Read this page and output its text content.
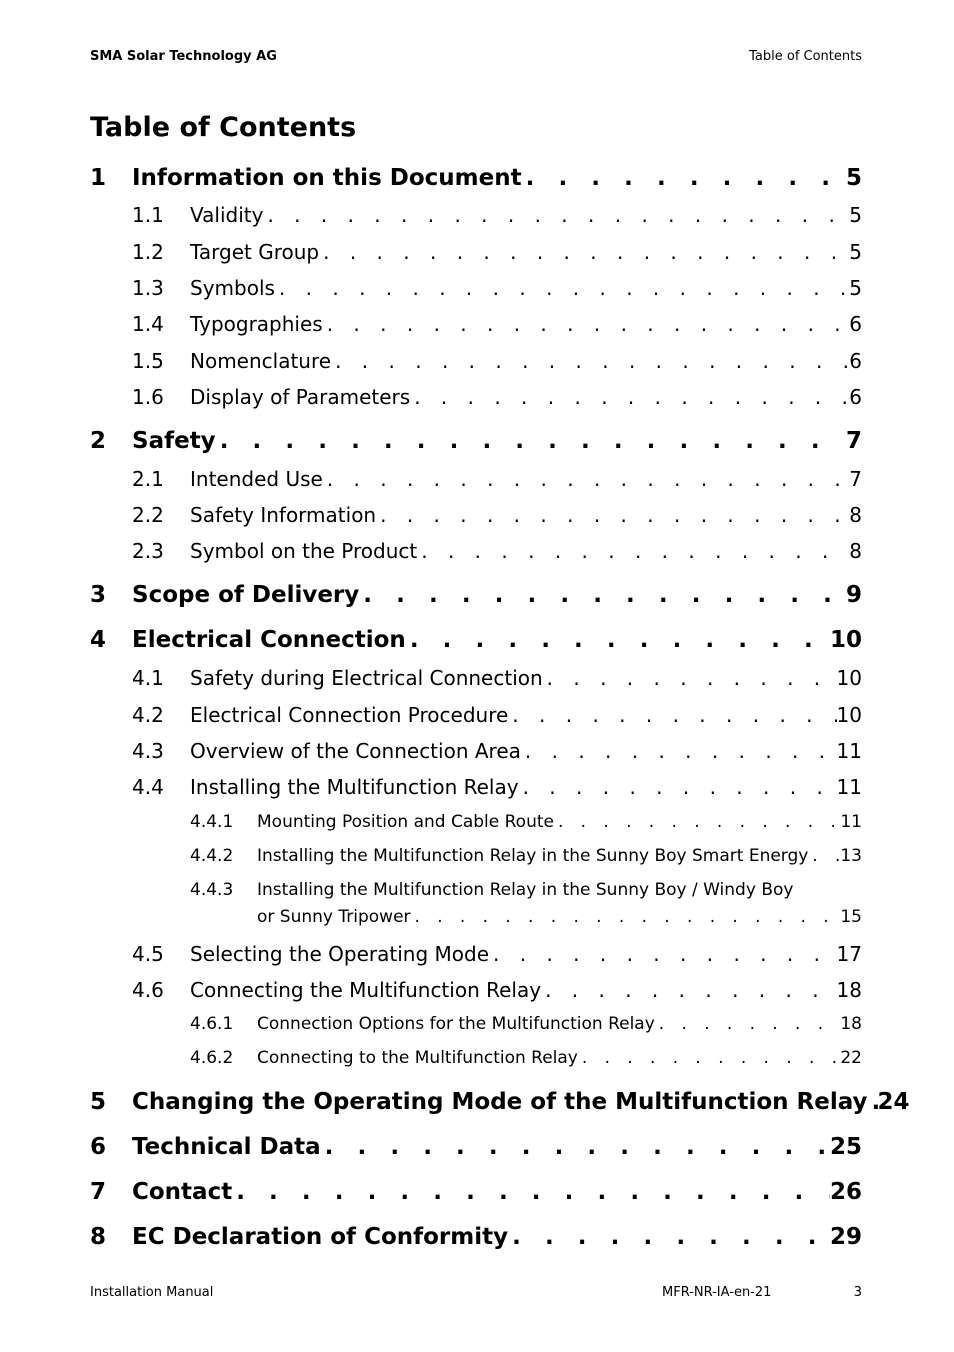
SMA Solar Technology AG	Table of Contents
Table of Contents
1	Information on this Document . . .	5
1.1	Validity . . .	5
1.2	Target Group . . .	5
1.3	Symbols . . .	5
1.4	Typographies . . .	6
1.5	Nomenclature . . .	6
1.6	Display of Parameters . . .	6
2	Safety . . .	7
2.1	Intended Use . . .	7
2.2	Safety Information . . .	8
2.3	Symbol on the Product . . .	8
3	Scope of Delivery . . .	9
4	Electrical Connection . . .	10
4.1	Safety during Electrical Connection . . .	10
4.2	Electrical Connection Procedure . . .	10
4.3	Overview of the Connection Area . . .	11
4.4	Installing the Multifunction Relay . . .	11
4.4.1	Mounting Position and Cable Route . . .	11
4.4.2	Installing the Multifunction Relay in the Sunny Boy Smart Energy . . . 13
4.4.3	Installing the Multifunction Relay in the Sunny Boy / Windy Boy
or Sunny Tripower . . .	15
4.5	Selecting the Operating Mode . . .	17
4.6	Connecting the Multifunction Relay . . .	18
4.6.1	Connection Options for the Multifunction Relay . . .	18
4.6.2	Connecting to the Multifunction Relay . . .	22
5	Changing the Operating Mode of the Multifunction Relay . . . 24
6	Technical Data . . .	25
7	Contact . . .	26
8	EC Declaration of Conformity . . .	29
Installation Manual	MFR-NR-IA-en-21	3
